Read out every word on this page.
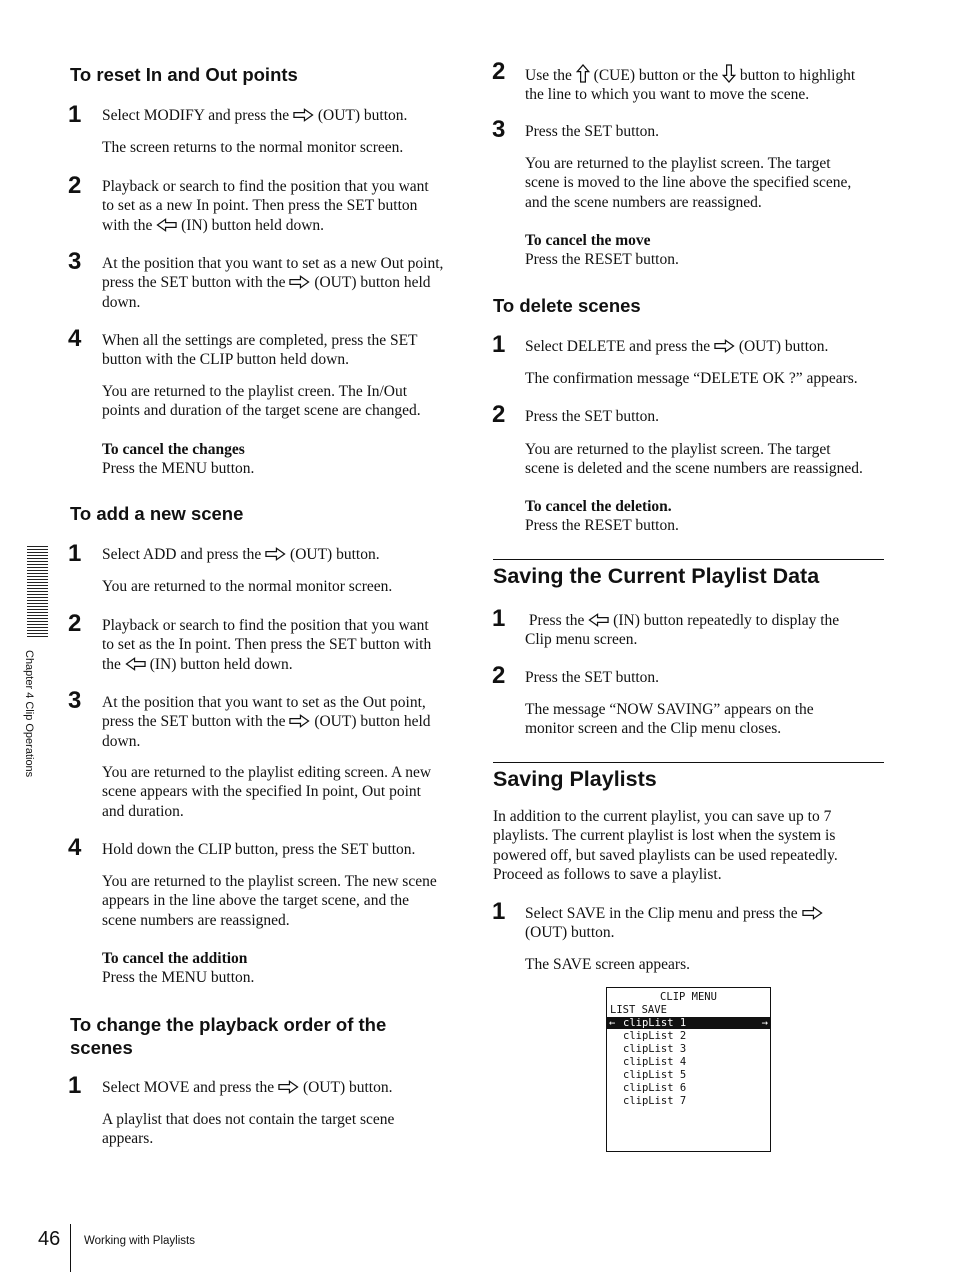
Chapter 4 Clip Operations
To reset In and Out points
1 Select MODIFY and press the (OUT) button.
The screen returns to the normal monitor screen.
2 Playback or search to find the position that you want
to set as a new In point. Then press the SET button
with the (IN) button held down.
3 At the position that you want to set as a new Out point,
press the SET button with the (OUT) button held
down.
4 When all the settings are completed, press the SET
button with the CLIP button held down.
You are returned to the playlist creen. The In/Out
points and duration of the target scene are changed.
To cancel the changes
Press the MENU button.
To add a new scene
1 Select ADD and press the (OUT) button.
You are returned to the normal monitor screen.
2 Playback or search to find the position that you want
to set as the In point. Then press the SET button with
the (IN) button held down.
3 At the position that you want to set as the Out point,
press the SET button with the (OUT) button held
down.
You are returned to the playlist editing screen. A new
scene appears with the specified In point, Out point
and duration.
4 Hold down the CLIP button, press the SET button.
You are returned to the playlist screen. The new scene
appears in the line above the target scene, and the
scene numbers are reassigned.
To cancel the addition
Press the MENU button.
To change the playback order of the
scenes
1 Select MOVE and press the (OUT) button.
A playlist that does not contain the target scene
appears.
2 Use the (CUE) button or the button to highlight
the line to which you want to move the scene.
3 Press the SET button.
You are returned to the playlist screen. The target
scene is moved to the line above the specified scene,
and the scene numbers are reassigned.
To cancel the move
Press the RESET button.
To delete scenes
1 Select DELETE and press the (OUT) button.
The confirmation message “DELETE OK ?” appears.
2 Press the SET button.
You are returned to the playlist screen. The target
scene is deleted and the scene numbers are reassigned.
To cancel the deletion.
Press the RESET button.
Saving the Current Playlist Data
1 Press the (IN) button repeatedly to display the
Clip menu screen.
2 Press the SET button.
The message “NOW SAVING” appears on the
monitor screen and the Clip menu closes.
Saving Playlists
In addition to the current playlist, you can save up to 7
playlists. The current playlist is lost when the system is
powered off, but saved playlists can be used repeatedly.
Proceed as follows to save a playlist.
1 Select SAVE in the Clip menu and press the
(OUT) button.
The SAVE screen appears.
CLIP MENU
LIST SAVE

←

clipList 1

	→

clipList 2
clipList 3
clipList 4
clipList 5
clipList 6
clipList 7
46 Working with Playlists
